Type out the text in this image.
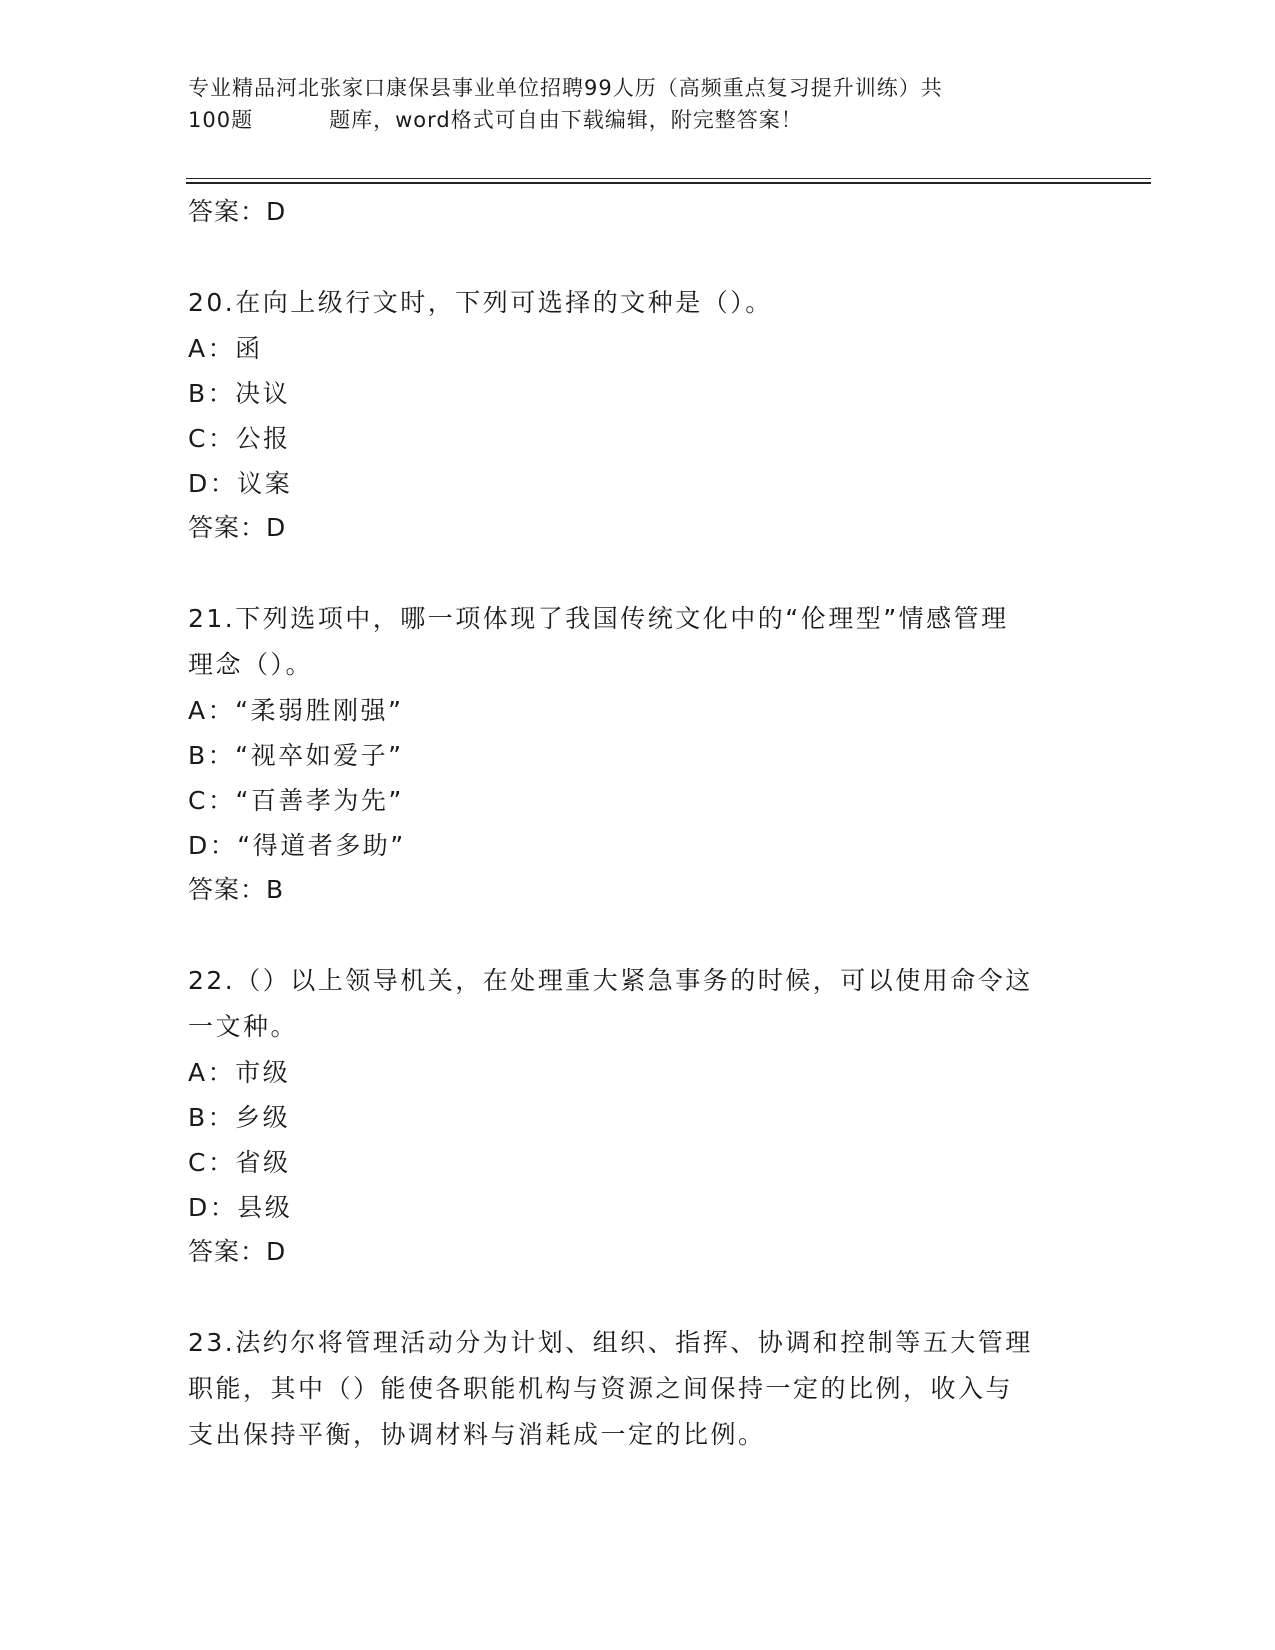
专业精品河北张家口康保县事业单位招聘99人历（高频重点复习提升训练）共
100题	题库，word格式可自由下载编辑，附完整答案！
答案：D
20.在向上级行文时，下列可选择的文种是（）。
A：函
B：决议
C：公报
D：议案
答案：D
21.下列选项中，哪一项体现了我国传统文化中的“伦理型”情感管理
理念（）。
A：“柔弱胜刚强”
B：“视卒如爱子”
C：“百善孝为先”
D：“得道者多助”
答案：B
22.（）以上领导机关，在处理重大紧急事务的时候，可以使用命令这
一文种。
A：市级
B：乡级
C：省级
D：县级
答案：D
23.法约尔将管理活动分为计划、组织、指挥、协调和控制等五大管理
职能，其中（）能使各职能机构与资源之间保持一定的比例，收入与
支出保持平衡，协调材料与消耗成一定的比例。
